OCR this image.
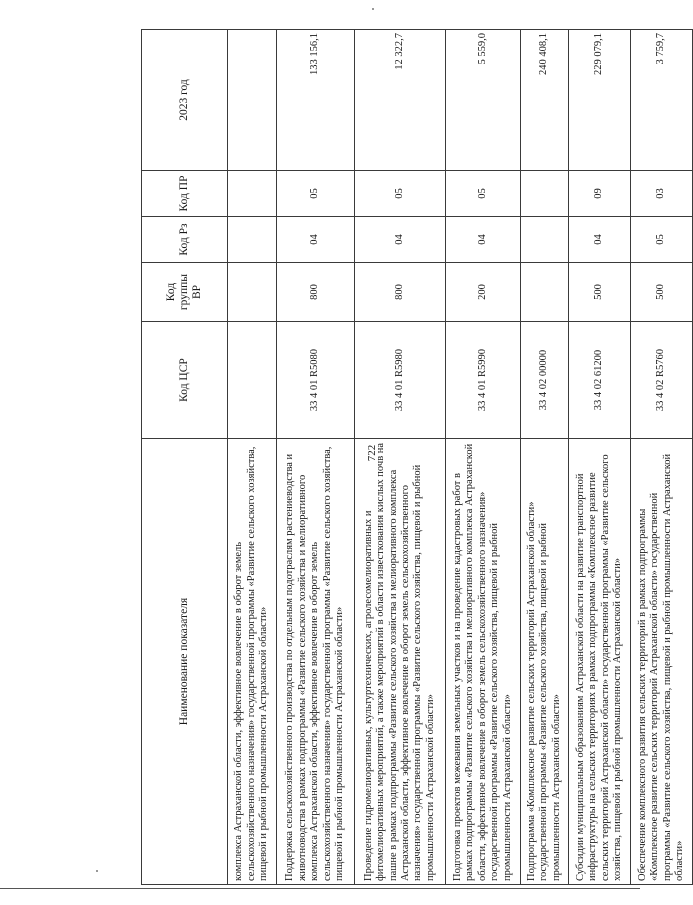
722
Наименование показателя	Код ЦСР	Код группы ВР	Код Рз	Код ПР	2023 год
комплекса Астраханской области, эффективное вовлечение в оборот земель сельскохозяйственного назначения» государственной программы «Развитие сельского хозяйства, пищевой и рыбной промышленности Астраханской области»					
Поддержка сельскохозяйственного производства по отдельным подотраслям растениеводства и животноводства в рамках подпрограммы «Развитие сельского хозяйства и мелиоративного комплекса Астраханской области, эффективное вовлечение в оборот земель сельскохозяйственного назначения» государственной программы «Развитие сельского хозяйства, пищевой и рыбной промышленности Астраханской области»	33 4 01 R5080	800	04	05	133 156,1
Проведение гидромелиоративных, культуртехнических, агролесомелиоративных и фитомелиоративных мероприятий, а также мероприятий в области известкования кислых почв на пашне в рамках подпрограммы «Развитие сельского хозяйства и мелиоративного комплекса Астраханской области, эффективное вовлечение в оборот земель сельскохозяйственного назначения» государственной программы «Развитие сельского хозяйства, пищевой и рыбной промышленности Астраханской области»	33 4 01 R5980	800	04	05	12 322,7
Подготовка проектов межевания земельных участков и на проведение кадастровых работ в рамках подпрограммы «Развитие сельского хозяйства и мелиоративного комплекса Астраханской области, эффективное вовлечение в оборот земель сельскохозяйственного назначения» государственной программы «Развитие сельского хозяйства, пищевой и рыбной промышленности Астраханской области»	33 4 01 R5990	200	04	05	5 559,0
Подпрограмма «Комплексное развитие сельских территорий Астраханской области» государственной программы «Развитие сельского хозяйства, пищевой и рыбной промышленности Астраханской области»	33 4 02 00000				240 408,1
Субсидии муниципальным образованиям Астраханской области на развитие транспортной инфраструктуры на сельских территориях в рамках подпрограммы «Комплексное развитие сельских территорий Астраханской области» государственной программы «Развитие сельского хозяйства, пищевой и рыбной промышленности Астраханской области»	33 4 02 61200	500	04	09	229 079,1
Обеспечение комплексного развития сельских территорий в рамках подпрограммы «Комплексное развитие сельских территорий Астраханской области» государственной программы «Развитие сельского хозяйства, пищевой и рыбной промышленности Астраханской области»	33 4 02 R5760	500	05	03	3 759,7
